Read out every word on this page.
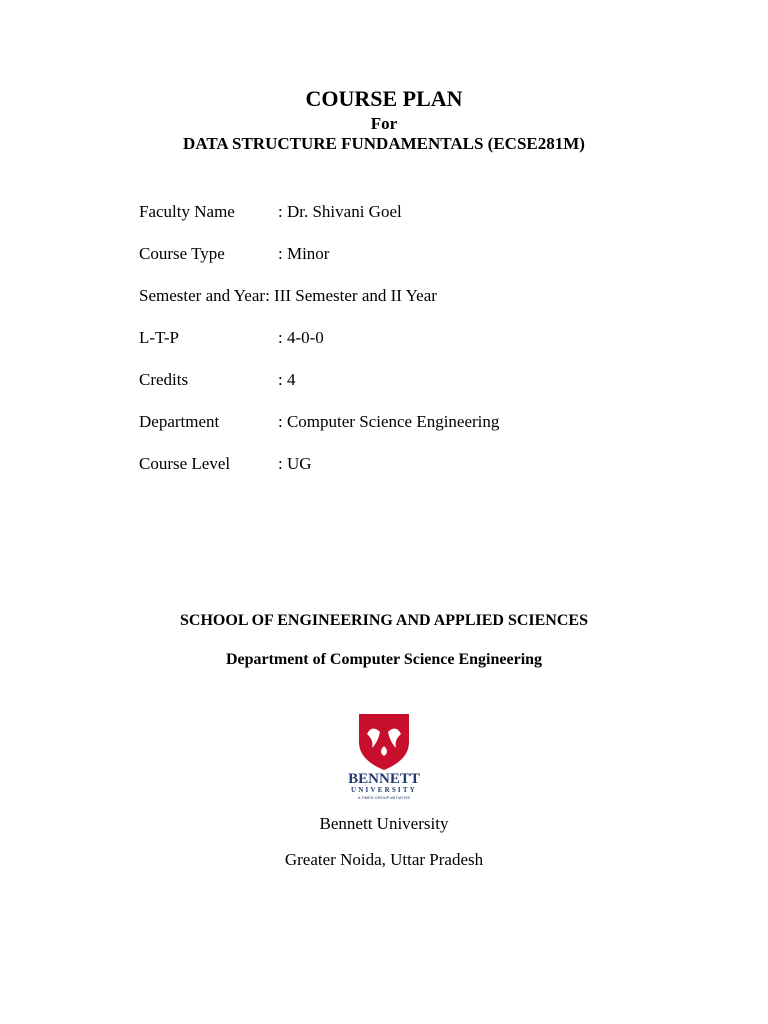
COURSE PLAN
For
DATA STRUCTURE FUNDAMENTALS (ECSE281M)
Faculty Name	: Dr. Shivani Goel
Course Type	: Minor
Semester and Year: III Semester and II Year
L-T-P	: 4-0-0
Credits	: 4
Department	: Computer Science Engineering
Course Level	: UG
SCHOOL OF ENGINEERING AND APPLIED SCIENCES
Department of Computer Science Engineering
BENNETT
UNIVERSITY
A TIMES GROUP INITIATIVE
Bennett University
Greater Noida, Uttar Pradesh
